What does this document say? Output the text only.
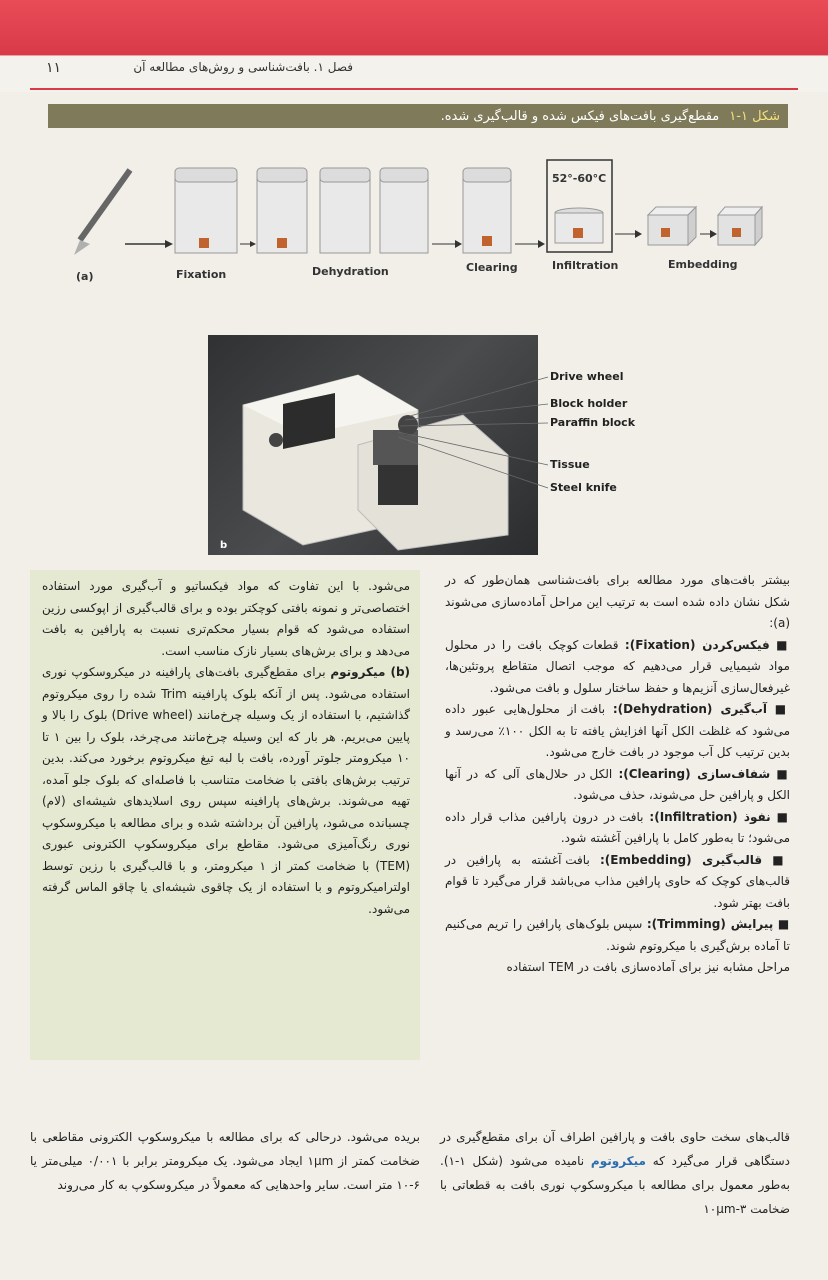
فصل ۱. بافت‌شناسی و روش‌های مطالعه آن
۱۱
شکل ۱-۱
مقطع‌گیری بافت‌های فیکس شده و قالب‌گیری شده.
52°-60°C
(a)	Fixation	Dehydration	Clearing	Infiltration	Embedding
b
Drive wheel
Block holder
Paraffin block
Tissue
Steel knife
بیشتر بافت‌های مورد مطالعه برای بافت‌شناسی همان‌طور که در شکل نشان داده شده است به ترتیب این مراحل آماده‌سازی می‌شوند (a):
■ فیکس‌کردن (Fixation): قطعات کوچک بافت را در محلول مواد شیمیایی قرار می‌دهیم که موجب اتصال متقاطع پروتئین‌ها، غیرفعال‌سازی آنزیم‌ها و حفظ ساختار سلول و بافت می‌شود.
■ آب‌گیری (Dehydration): بافت از محلول‌هایی عبور داده می‌شود که غلظت الکل آنها افزایش یافته تا به الکل ۱۰۰٪ می‌رسد و بدین ترتیب کل آب موجود در بافت خارج می‌شود.
■ شفاف‌سازی (Clearing): الکل در حلال‌های آلی که در آنها الکل و پارافین حل می‌شوند، حذف می‌شود.
■ نفوذ (Infiltration): بافت در درون پارافین مذاب قرار داده می‌شود؛ تا به‌طور کامل با پارافین آغشته شود.
■ قالب‌گیری (Embedding): بافت آغشته به پارافین در قالب‌های کوچک که حاوی پارافین مذاب می‌باشد قرار می‌گیرد تا قوام بافت بهتر شود.
■ پیرایش (Trimming): سپس بلوک‌های پارافین را تریم می‌کنیم تا آماده برش‌گیری با میکروتوم شوند.
مراحل مشابه نیز برای آماده‌سازی بافت در TEM استفاده
می‌شود. با این تفاوت که مواد فیکساتیو و آب‌گیری مورد استفاده اختصاصی‌تر و نمونه بافتی کوچکتر بوده و برای قالب‌گیری از اپوکسی رزین استفاده می‌شود که قوام بسیار محکم‌تری نسبت به پارافین به بافت می‌دهد و برای برش‌های بسیار نازک مناسب است.
(b) میکروتوم برای مقطع‌گیری بافت‌های پارافینه در میکروسکوپ نوری استفاده می‌شود. پس از آنکه بلوک پارافینه Trim شده را روی میکروتوم گذاشتیم، با استفاده از یک وسیله چرخ‌مانند (Drive wheel) بلوک را بالا و پایین می‌بریم. هر بار که این وسیله چرخ‌مانند می‌چرخد، بلوک را بین ۱ تا ۱۰ میکرومتر جلوتر آورده، بافت با لبه تیغ میکروتوم برخورد می‌کند. بدین ترتیب برش‌های بافتی با ضخامت متناسب با فاصله‌ای که بلوک جلو آمده، تهیه می‌شوند. برش‌های پارافینه سپس روی اسلایدهای شیشه‌ای (لام) چسبانده می‌شود، پارافین آن برداشته شده و برای مطالعه با میکروسکوپ نوری رنگ‌آمیزی می‌شود. مقاطع برای میکروسکوپ الکترونی عبوری (TEM) با ضخامت کمتر از ۱ میکرومتر، و با قالب‌گیری با رزین توسط اولترامیکروتوم و با استفاده از یک چاقوی شیشه‌ای یا چاقو الماس گرفته می‌شود.
قالب‌های سخت حاوی بافت و پارافین اطراف آن برای مقطع‌گیری در دستگاهی قرار می‌گیرد که میکروتوم نامیده می‌شود (شکل ۱-۱). به‌طور معمول برای مطالعه با میکروسکوپ نوری بافت به قطعاتی با ضخامت ۳-۱۰μm
بریده می‌شود. درحالی که برای مطالعه با میکروسکوپ الکترونی مقاطعی با ضخامت کمتر از ۱μm ایجاد می‌شود. یک میکرومتر برابر با ۰/۰۰۱ میلی‌متر یا ۶-۱۰ متر است. سایر واحدهایی که معمولاً در میکروسکوپ به کار می‌روند
